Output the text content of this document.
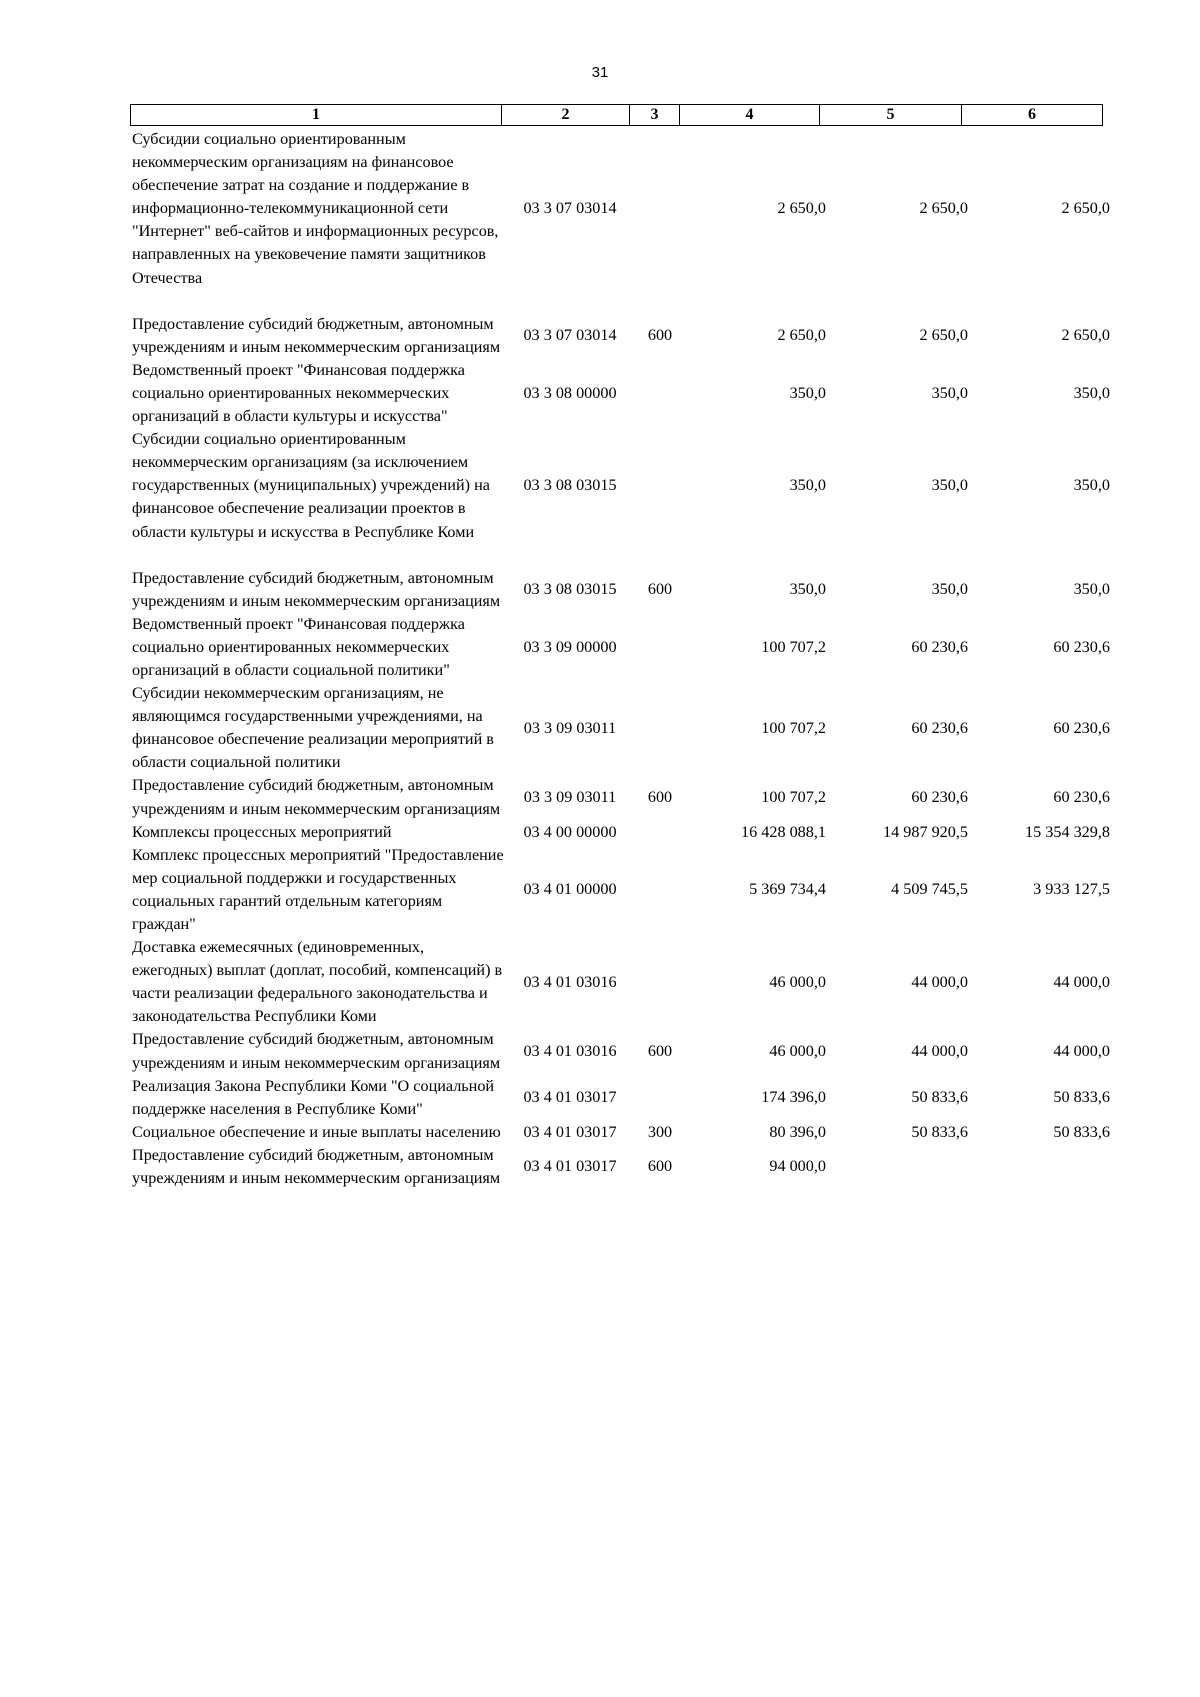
31
1	2	3	4	5	6
Субсидии социально ориентированным некоммерческим организациям на финансовое обеспечение затрат на создание и поддержание в информационно-телекоммуникационной сети "Интернет" веб-сайтов и информационных ресурсов, направленных на увековечение памяти защитников Отечества	03 3 07 03014		2 650,0	2 650,0	2 650,0

Предоставление субсидий бюджетным, автономным учреждениям и иным некоммерческим организациям	03 3 07 03014	600	2 650,0	2 650,0	2 650,0
Ведомственный проект "Финансовая поддержка социально ориентированных некоммерческих организаций в области культуры и искусства"	03 3 08 00000		350,0	350,0	350,0
Субсидии социально ориентированным некоммерческим организациям (за исключением государственных (муниципальных) учреждений) на финансовое обеспечение реализации проектов в области культуры и искусства в Республике Коми	03 3 08 03015		350,0	350,0	350,0

Предоставление субсидий бюджетным, автономным учреждениям и иным некоммерческим организациям	03 3 08 03015	600	350,0	350,0	350,0
Ведомственный проект "Финансовая поддержка социально ориентированных некоммерческих организаций в области социальной политики"	03 3 09 00000		100 707,2	60 230,6	60 230,6
Субсидии некоммерческим организациям, не являющимся государственными учреждениями, на финансовое обеспечение реализации мероприятий в области социальной политики	03 3 09 03011		100 707,2	60 230,6	60 230,6
Предоставление субсидий бюджетным, автономным учреждениям и иным некоммерческим организациям	03 3 09 03011	600	100 707,2	60 230,6	60 230,6
Комплексы процессных мероприятий	03 4 00 00000		16 428 088,1	14 987 920,5	15 354 329,8
Комплекс процессных мероприятий "Предоставление мер социальной поддержки и государственных социальных гарантий отдельным категориям граждан"	03 4 01 00000		5 369 734,4	4 509 745,5	3 933 127,5
Доставка ежемесячных (единовременных, ежегодных) выплат (доплат, пособий, компенсаций) в части реализации федерального законодательства и законодательства Республики Коми	03 4 01 03016		46 000,0	44 000,0	44 000,0
Предоставление субсидий бюджетным, автономным учреждениям и иным некоммерческим организациям	03 4 01 03016	600	46 000,0	44 000,0	44 000,0
Реализация Закона Республики Коми "О социальной поддержке населения в Республике Коми"	03 4 01 03017		174 396,0	50 833,6	50 833,6
Социальное обеспечение и иные выплаты населению	03 4 01 03017	300	80 396,0	50 833,6	50 833,6
Предоставление субсидий бюджетным, автономным учреждениям и иным некоммерческим организациям	03 4 01 03017	600	94 000,0		
